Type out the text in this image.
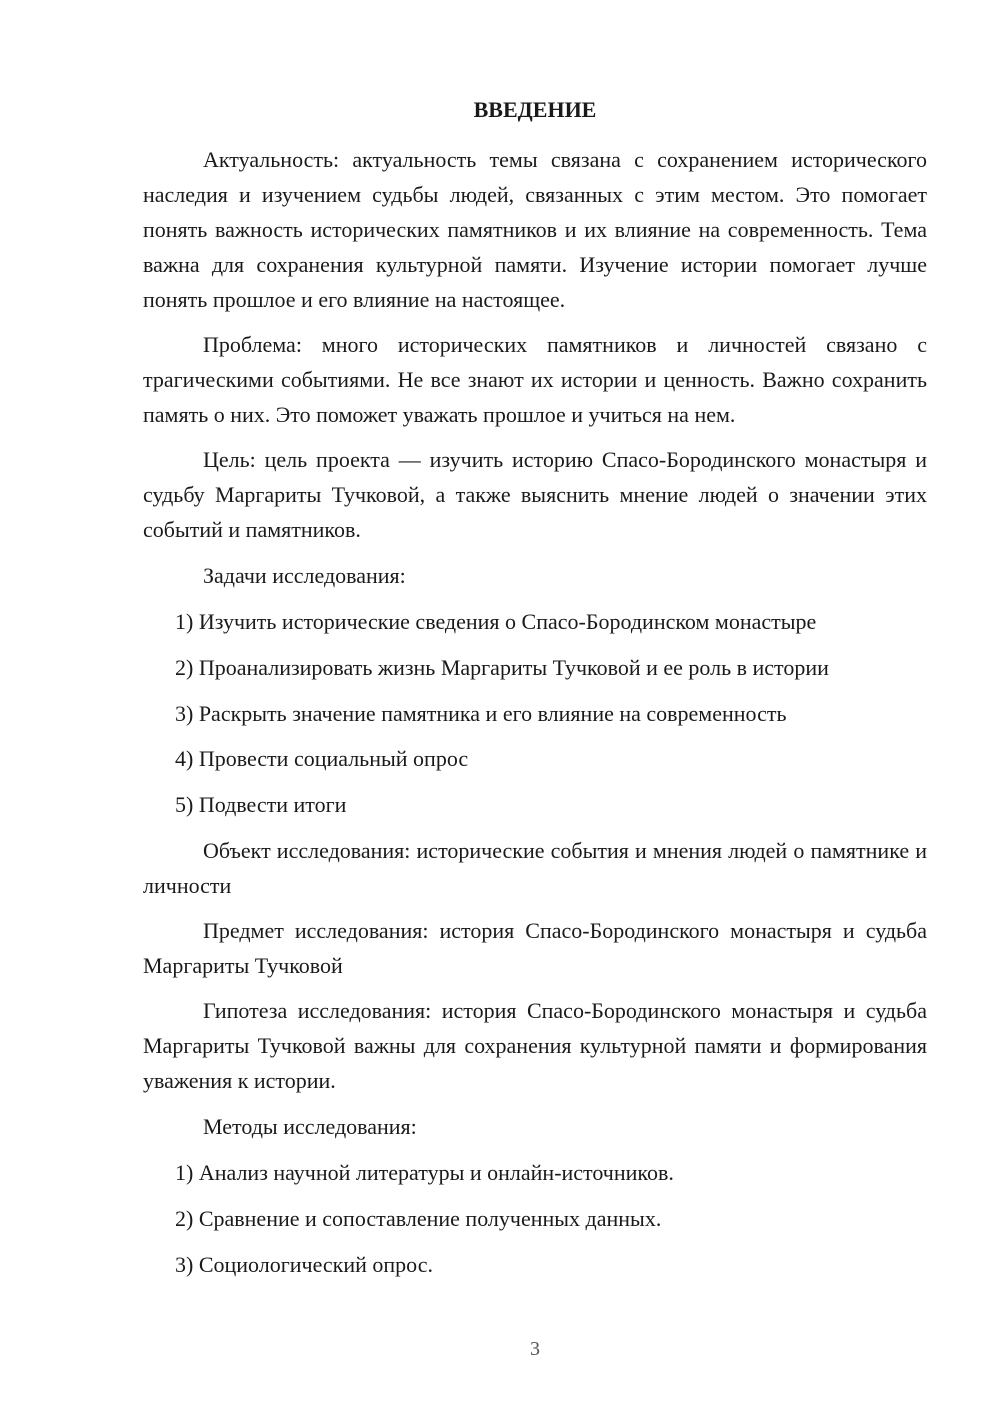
ВВЕДЕНИЕ

Актуальность: актуальность темы связана с сохранением исторического наследия и изучением судьбы людей, связанных с этим местом. Это помогает понять важность исторических памятников и их влияние на современность. Тема важна для сохранения культурной памяти. Изучение истории помогает лучше понять прошлое и его влияние на настоящее.

Проблема: много исторических памятников и личностей связано с трагическими событиями. Не все знают их истории и ценность. Важно сохранить память о них. Это поможет уважать прошлое и учиться на нем.

Цель: цель проекта — изучить историю Спасо-Бородинского монастыря и судьбу Маргариты Тучковой, а также выяснить мнение людей о значении этих событий и памятников.

Задачи исследования:

1) Изучить исторические сведения о Спасо-Бородинском монастыре
2) Проанализировать жизнь Маргариты Тучковой и ее роль в истории
3) Раскрыть значение памятника и его влияние на современность
4) Провести социальный опрос
5) Подвести итоги

Объект исследования: исторические события и мнения людей о памятнике и личности

Предмет исследования: история Спасо-Бородинского монастыря и судьба Маргариты Тучковой

Гипотеза исследования: история Спасо-Бородинского монастыря и судьба Маргариты Тучковой важны для сохранения культурной памяти и формирования уважения к истории.

Методы исследования:

1) Анализ научной литературы и онлайн-источников.
2) Сравнение и сопоставление полученных данных.
3) Социологический опрос.
3
